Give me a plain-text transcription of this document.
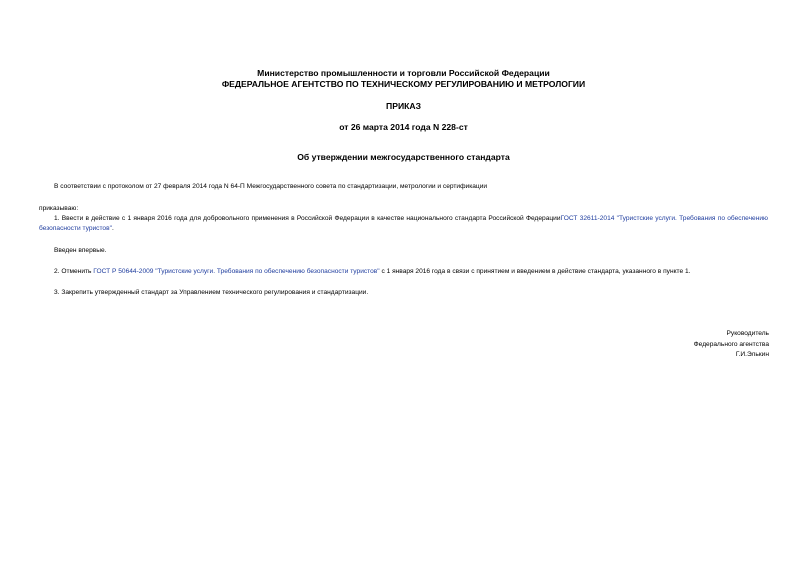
Министерство промышленности и торговли Российской Федерации
ФЕДЕРАЛЬНОЕ АГЕНТСТВО ПО ТЕХНИЧЕСКОМУ РЕГУЛИРОВАНИЮ И МЕТРОЛОГИИ
ПРИКАЗ
от 26 марта 2014 года N 228-ст
Об утверждении межгосударственного стандарта
В соответствии с протоколом от 27 февраля 2014 года N 64-П Межгосударственного совета по стандартизации, метрологии и сертификации
приказываю:
1. Ввести в действие с 1 января 2016 года для добровольного применения в Российской Федерации в качестве национального стандарта Российской ФедерацииГОСТ 32611-2014 "Туристские услуги. Требования по обеспечению безопасности туристов".
Введен впервые.
2. Отменить ГОСТ Р 50644-2009 "Туристские услуги. Требования по обеспечению безопасности туристов" с 1 января 2016 года в связи с принятием и введением в действие стандарта, указанного в пункте 1.
3. Закрепить утвержденный стандарт за Управлением технического регулирования и стандартизации.
Руководитель
Федерального агентства
Г.И.Элькин
